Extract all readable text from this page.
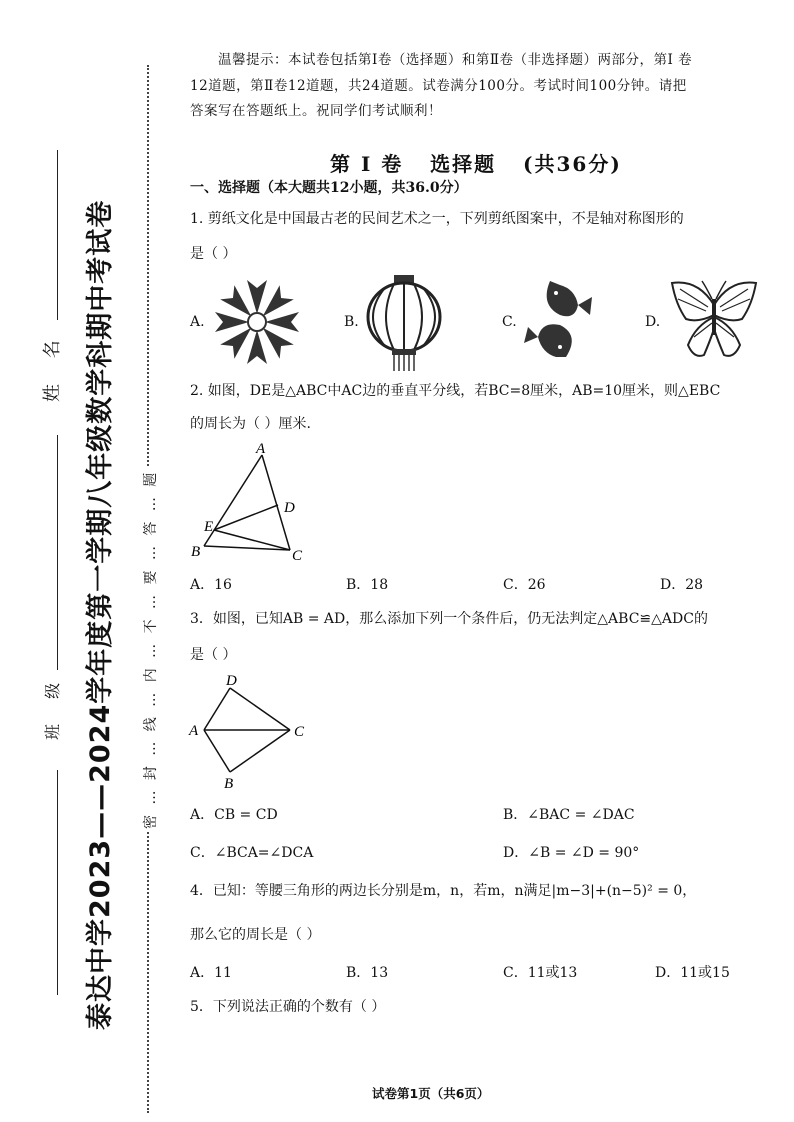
泰达中学2023——2024学年度第一学期八年级数学科期中考试卷
姓 名
班 级	密 … 封 … 线 … 内 … 不 … 要 … 答 … 题
温馨提示：本试卷包括第Ⅰ卷（选择题）和第Ⅱ卷（非选择题）两部分，第Ⅰ 卷
12道题，第Ⅱ卷12道题，共24道题。试卷满分100分。考试时间100分钟。请把
答案写在答题纸上。祝同学们考试顺利！
第 Ⅰ 卷   选择题   (共36分)
一、选择题（本大题共12小题，共36.0分）
1. 剪纸文化是中国最古老的民间艺术之一，下列剪纸图案中，不是轴对称图形的
是（ ）
A.	B.	C.	D.
2. 如图，DE是△ABC中AC边的垂直平分线，若BC=8厘米，AB=10厘米，则△EBC
的周长为（ ）厘米.
A
B	C
D
E
A．16	B．18	C．26	D．28
3．如图，已知AB = AD，那么添加下列一个条件后，仍无法判定△ABC≌△ADC的
是（ ）
D
A	C
B
A．CB = CD	B．∠BAC = ∠DAC
C．∠BCA=∠DCA	D．∠B = ∠D = 90°
4．已知：等腰三角形的两边长分别是m，n，若m，n满足|m−3|+(n−5)² = 0，
那么它的周长是（ ）
A．11	B．13	C．11或13	D．11或15
5．下列说法正确的个数有（ ）
试卷第1页（共6页）
